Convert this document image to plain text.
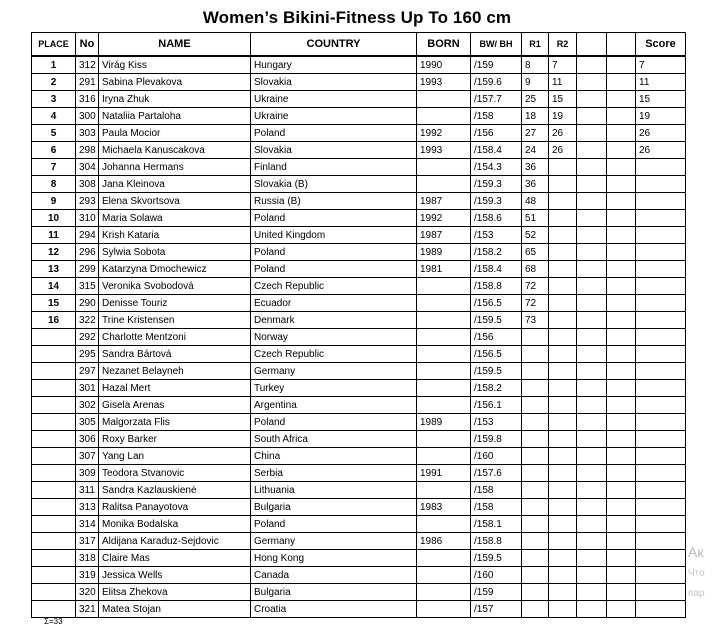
Women’s Bikini-Fitness Up To 160 cm
PLACE	No	NAME	COUNTRY	BORN	BW/ BH	R1	R2			Score
1	312	Virág Kiss	Hungary	1990	/159	8	7			7
2	291	Sabina Plevakova	Slovakia	1993	/159.6	9	11			11
3	316	Iryna Zhuk	Ukraine		/157.7	25	15			15
4	300	Nataliia Partaloha	Ukraine		/158	18	19			19
5	303	Paula Mocior	Poland	1992	/156	27	26			26
6	298	Michaela Kanuscakova	Slovakia	1993	/158.4	24	26			26
7	304	Johanna Hermans	Finland		/154.3	36				
8	308	Jana Kleinova	Slovakia (B)		/159.3	36				
9	293	Elena Skvortsova	Russia (B)	1987	/159.3	48				
10	310	Maria Solawa	Poland	1992	/158.6	51				
11	294	Krish Kataria	United Kingdom	1987	/153	52				
12	296	Sylwia Sobota	Poland	1989	/158.2	65				
13	299	Katarzyna Dmochewicz	Poland	1981	/158.4	68				
14	315	Veronika Svobodová	Czech Republic		/158.8	72				
15	290	Denisse Touriz	Ecuador		/156.5	72				
16	322	Trine Kristensen	Denmark		/159.5	73				
	292	Charlotte Mentzoni	Norway		/156					
	295	Sandra Bártová	Czech Republic		/156.5					
	297	Nezanet Belayneh	Germany		/159.5					
	301	Hazal Mert	Turkey		/158.2					
	302	Gisela Arenas	Argentina		/156.1					
	305	Malgorzata Flis	Poland	1989	/153					
	306	Roxy Barker	South Africa		/159.8					
	307	Yang Lan	China		/160					
	309	Teodora Stvanovic	Serbia	1991	/157.6					
	311	Sandra Kazlauskienė	Lithuania		/158					
	313	Ralitsa Panayotova	Bulgaria	1983	/158					
	314	Monika Bodalska	Poland		/158.1					
	317	Aldijana Karaduz-Sejdovic	Germany	1986	/158.8					
	318	Claire Mas	Hong Kong		/159.5					
	319	Jessica Wells	Canada		/160					
	320	Elitsa Zhekova	Bulgaria		/159					
	321	Matea Stojan	Croatia		/157					
Σ=33
Ак
Что
пар
